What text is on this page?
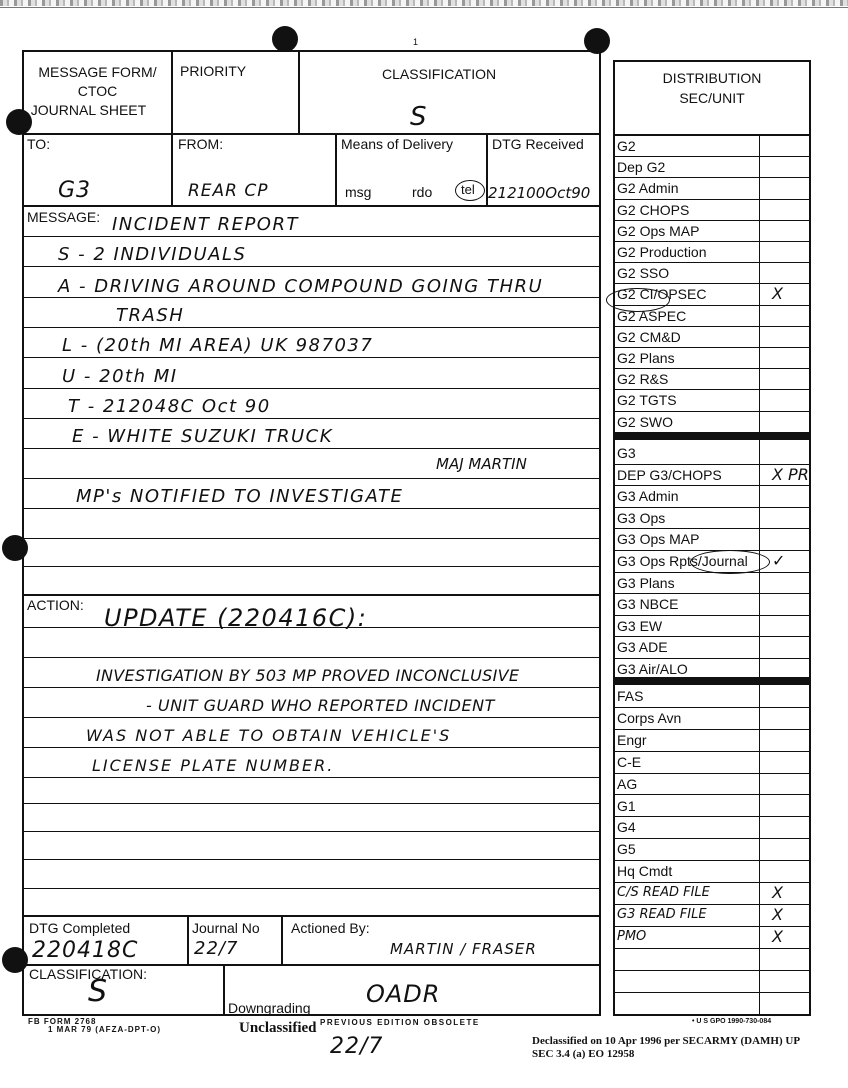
1
MESSAGE FORM/
CTOC
JOURNAL SHEET
PRIORITY	CLASSIFICATION
S
TO:
G3
FROM:
REAR CP
Means of Delivery
msg	rdo tel
DTG Received
212100Oct90
MESSAGE: INCIDENT REPORT
S - 2 INDIVIDUALS
A - DRIVING AROUND COMPOUND GOING THRU
TRASH
L - (20th MI AREA) UK 987037
U - 20th MI
T - 212048C Oct 90
E - WHITE SUZUKI TRUCK
MAJ MARTIN
MP's NOTIFIED TO INVESTIGATE
ACTION: UPDATE (220416C):
INVESTIGATION BY 503 MP PROVED INCONCLUSIVE
- UNIT GUARD WHO REPORTED INCIDENT
WAS NOT ABLE TO OBTAIN VEHICLE'S
LICENSE PLATE NUMBER.
DTG Completed
220418C
Journal No
22/7
Actioned By:
MARTIN / FRASER
CLASSIFICATION:
S	Downgrading OADR
FB FORM 2768
1 MAR 79 (AFZA-DPT-O)
PREVIOUS EDITION OBSOLETE
Unclassified
22/7
• U S GPO 1990-730-084
Declassified on 10 Apr 1996 per SECARMY (DAMH) UP
SEC 3.4 (a) EO 12958
DISTRIBUTION
SEC/UNIT
G2
Dep G2
G2 Admin
G2 CHOPS
G2 Ops MAP
G2 Production
G2 SSO
G2 CI/OPSEC	X
G2 ASPEC
G2 CM&D
G2 Plans
G2 R&S
G2 TGTS
G2 SWO
G3
DEP G3/CHOPS	X PR
G3 Admin
G3 Ops
G3 Ops MAP
G3 Ops Rpts/Journal ✓
G3 Plans
G3 NBCE
G3 EW
G3 ADE
G3 Air/ALO
FAS
Corps Avn
Engr
C-E
AG
G1
G4
G5
Hq Cmdt
C/S READ FILE	X
G3 READ FILE	X
PMO	X
